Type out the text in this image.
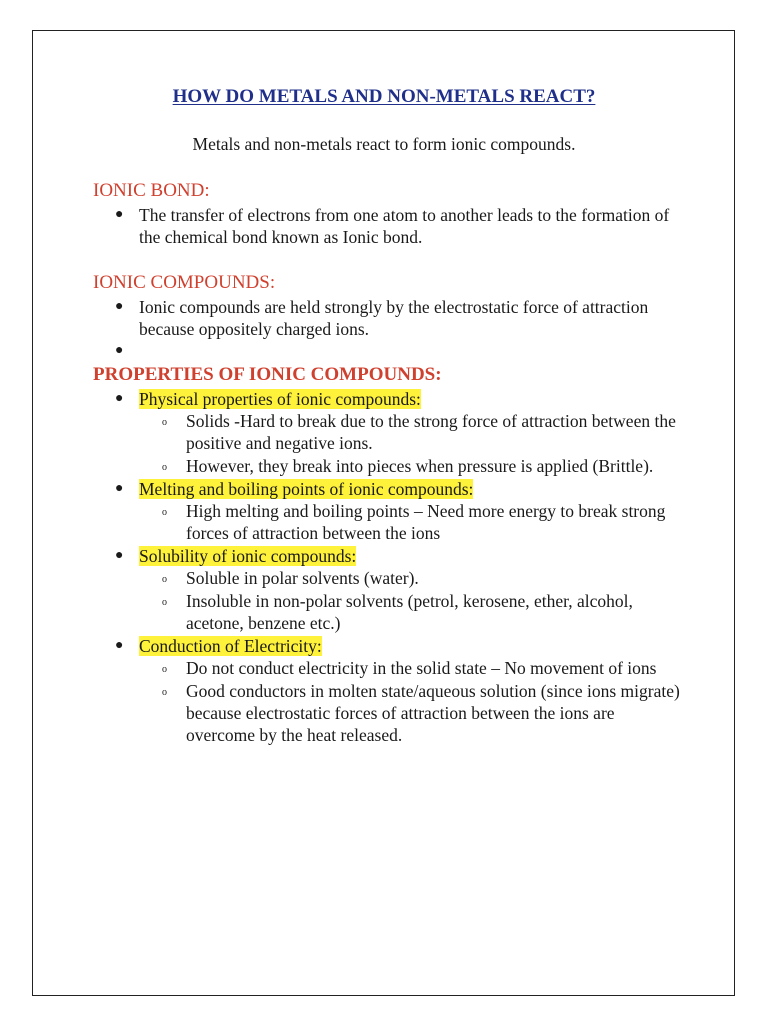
HOW DO METALS AND NON-METALS REACT?

Metals and non-metals react to form ionic compounds.

IONIC BOND:
● The transfer of electrons from one atom to another leads to the formation of the chemical bond known as Ionic bond.
IONIC COMPOUNDS:
● Ionic compounds are held strongly by the electrostatic force of attraction because oppositely charged ions.
●
PROPERTIES OF IONIC COMPOUNDS:
● Physical properties of ionic compounds:
o Solids -Hard to break due to the strong force of attraction between the positive and negative ions.
o However, they break into pieces when pressure is applied (Brittle).
● Melting and boiling points of ionic compounds:
o High melting and boiling points – Need more energy to break strong forces of attraction between the ions
● Solubility of ionic compounds:
o Soluble in polar solvents (water).
o Insoluble in non-polar solvents (petrol, kerosene, ether, alcohol, acetone, benzene etc.)
● Conduction of Electricity:
o Do not conduct electricity in the solid state – No movement of ions
o Good conductors in molten state/aqueous solution (since ions migrate) because electrostatic forces of attraction between the ions are overcome by the heat released.
